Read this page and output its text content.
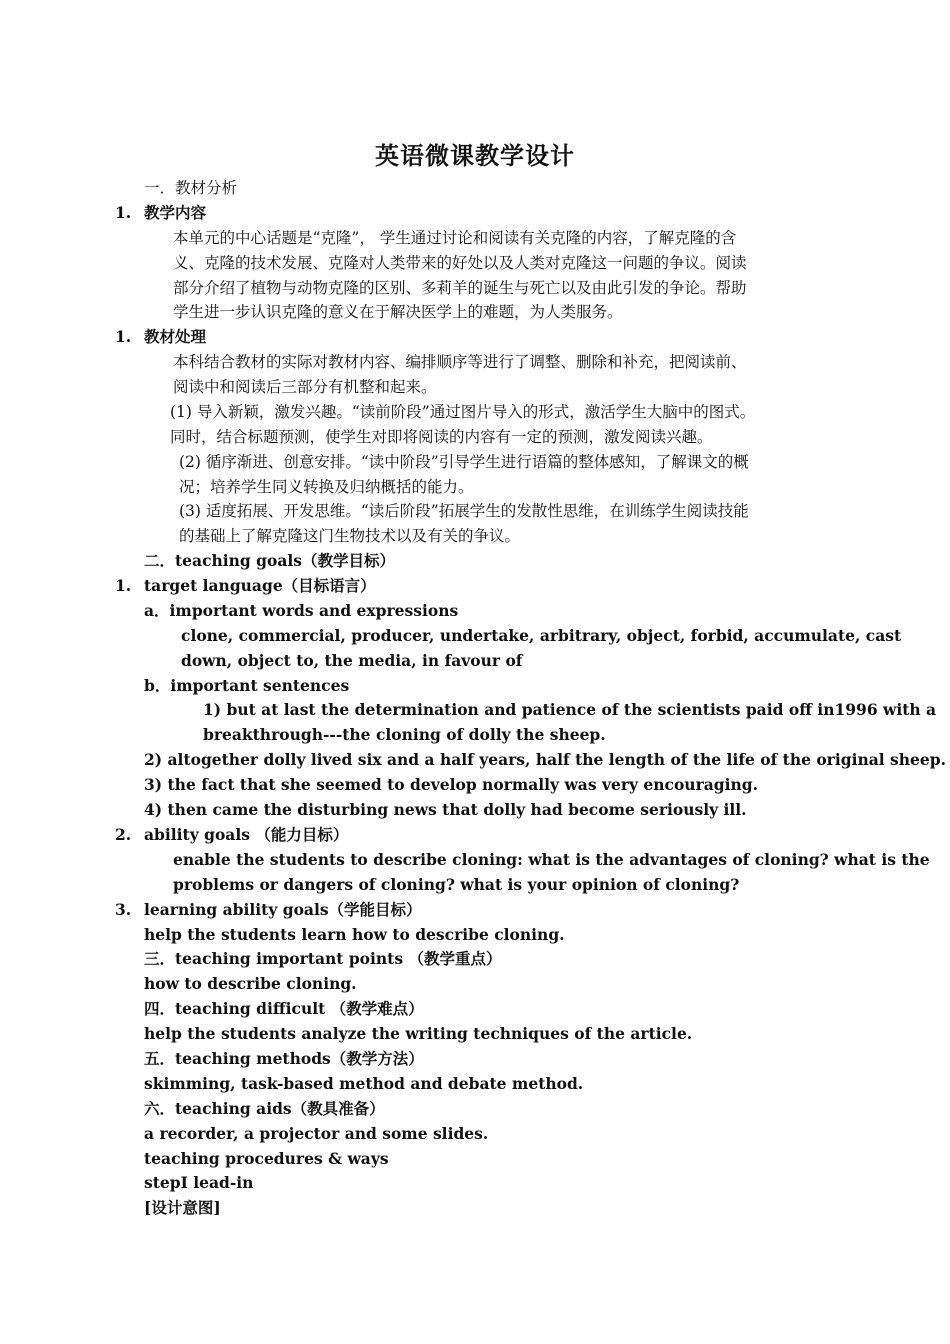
英语微课教学设计
一．教材分析
1. 教学内容
本单元的中心话题是“克隆”， 学生通过讨论和阅读有关克隆的内容，了解克隆的含
义、克隆的技术发展、克隆对人类带来的好处以及人类对克隆这一问题的争议。阅读
部分介绍了植物与动物克隆的区别、多莉羊的诞生与死亡以及由此引发的争论。帮助
学生进一步认识克隆的意义在于解决医学上的难题，为人类服务。
1. 教材处理
本科结合教材的实际对教材内容、编排顺序等进行了调整、删除和补充，把阅读前、
阅读中和阅读后三部分有机整和起来。
(1) 导入新颖，激发兴趣。“读前阶段”通过图片导入的形式，激活学生大脑中的图式。
同时，结合标题预测，使学生对即将阅读的内容有一定的预测，激发阅读兴趣。
(2) 循序渐进、创意安排。“读中阶段”引导学生进行语篇的整体感知，了解课文的概
况；培养学生同义转换及归纳概括的能力。
(3) 适度拓展、开发思维。“读后阶段”拓展学生的发散性思维，在训练学生阅读技能
的基础上了解克隆这门生物技术以及有关的争议。
二．teaching goals（教学目标）
1. target language（目标语言）
a．important words and expressions
clone, commercial, producer, undertake, arbitrary, object, forbid, accumulate, cast
down, object to, the media, in favour of
b．important sentences
1) but at last the determination and patience of the scientists paid off in1996 with a
breakthrough---the cloning of dolly the sheep.
2) altogether dolly lived six and a half years, half the length of the life of the original sheep.
3) the fact that she seemed to develop normally was very encouraging.
4) then came the disturbing news that dolly had become seriously ill.
2. ability goals （能力目标）
enable the students to describe cloning: what is the advantages of cloning? what is the
problems or dangers of cloning? what is your opinion of cloning?
3. learning ability goals（学能目标）
help the students learn how to describe cloning.
三．teaching important points （教学重点）
how to describe cloning.
四．teaching difficult （教学难点）
help the students analyze the writing techniques of the article.
五．teaching methods（教学方法）
skimming, task-based method and debate method.
六．teaching aids（教具准备）
a recorder, a projector and some slides.
teaching procedures & ways
stepⅠ lead-in
[设计意图]
